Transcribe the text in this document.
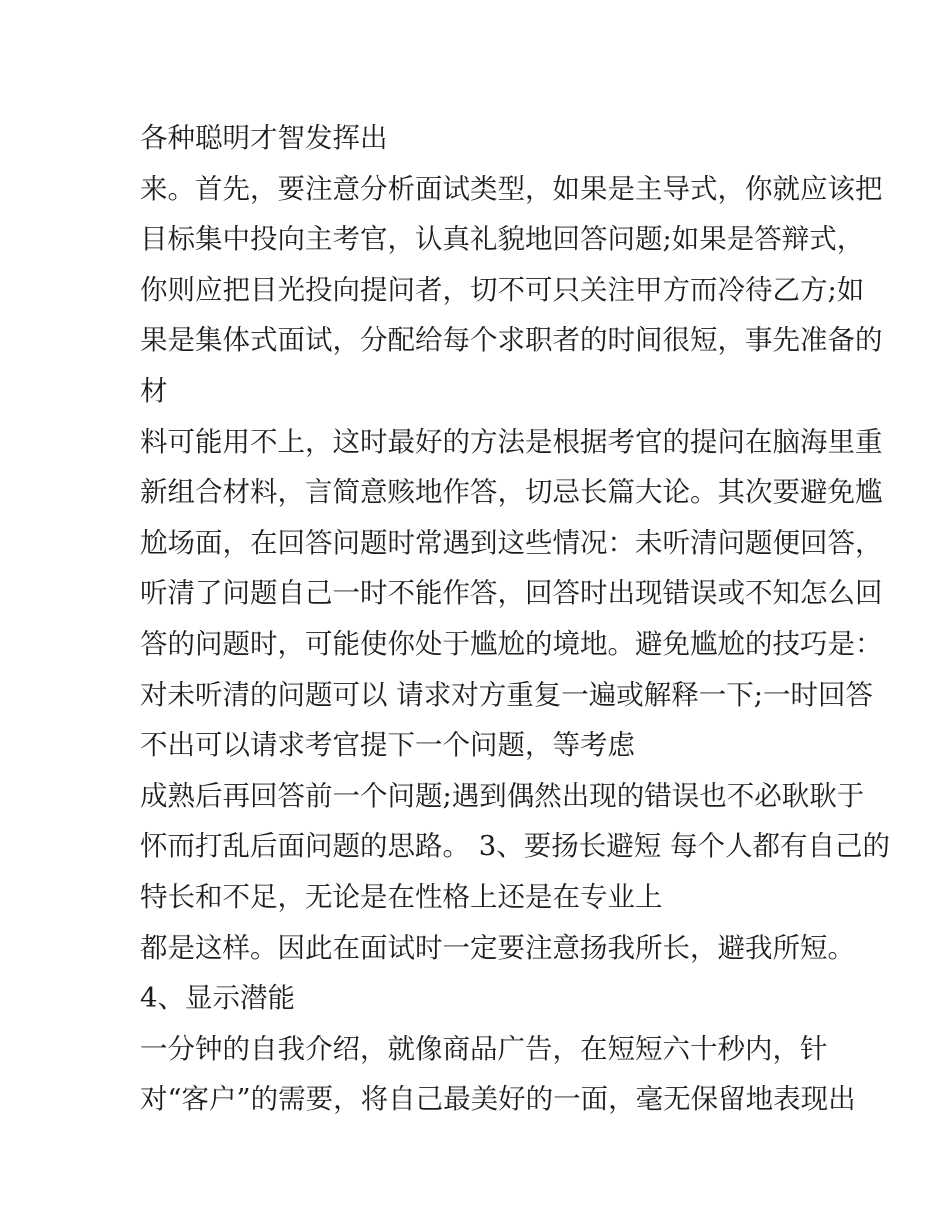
各种聪明才智发挥出
来。首先，要注意分析面试类型，如果是主导式，你就应该把
目标集中投向主考官，认真礼貌地回答问题;如果是答辩式，
你则应把目光投向提问者，切不可只关注甲方而冷待乙方;如
果是集体式面试，分配给每个求职者的时间很短，事先准备的
材
料可能用不上，这时最好的方法是根据考官的提问在脑海里重
新组合材料，言简意赅地作答，切忌长篇大论。其次要避免尴
尬场面，在回答问题时常遇到这些情况：未听清问题便回答，
听清了问题自己一时不能作答，回答时出现错误或不知怎么回
答的问题时，可能使你处于尴尬的境地。避免尴尬的技巧是：
对未听清的问题可以 请求对方重复一遍或解释一下;一时回答
不出可以请求考官提下一个问题，等考虑
成熟后再回答前一个问题;遇到偶然出现的错误也不必耿耿于
怀而打乱后面问题的思路。 3、要扬长避短 每个人都有自己的
特长和不足，无论是在性格上还是在专业上
都是这样。因此在面试时一定要注意扬我所长，避我所短。
4、显示潜能
一分钟的自我介绍，就像商品广告，在短短六十秒内，针
对“客户”的需要，将自己最美好的一面，毫无保留地表现出
